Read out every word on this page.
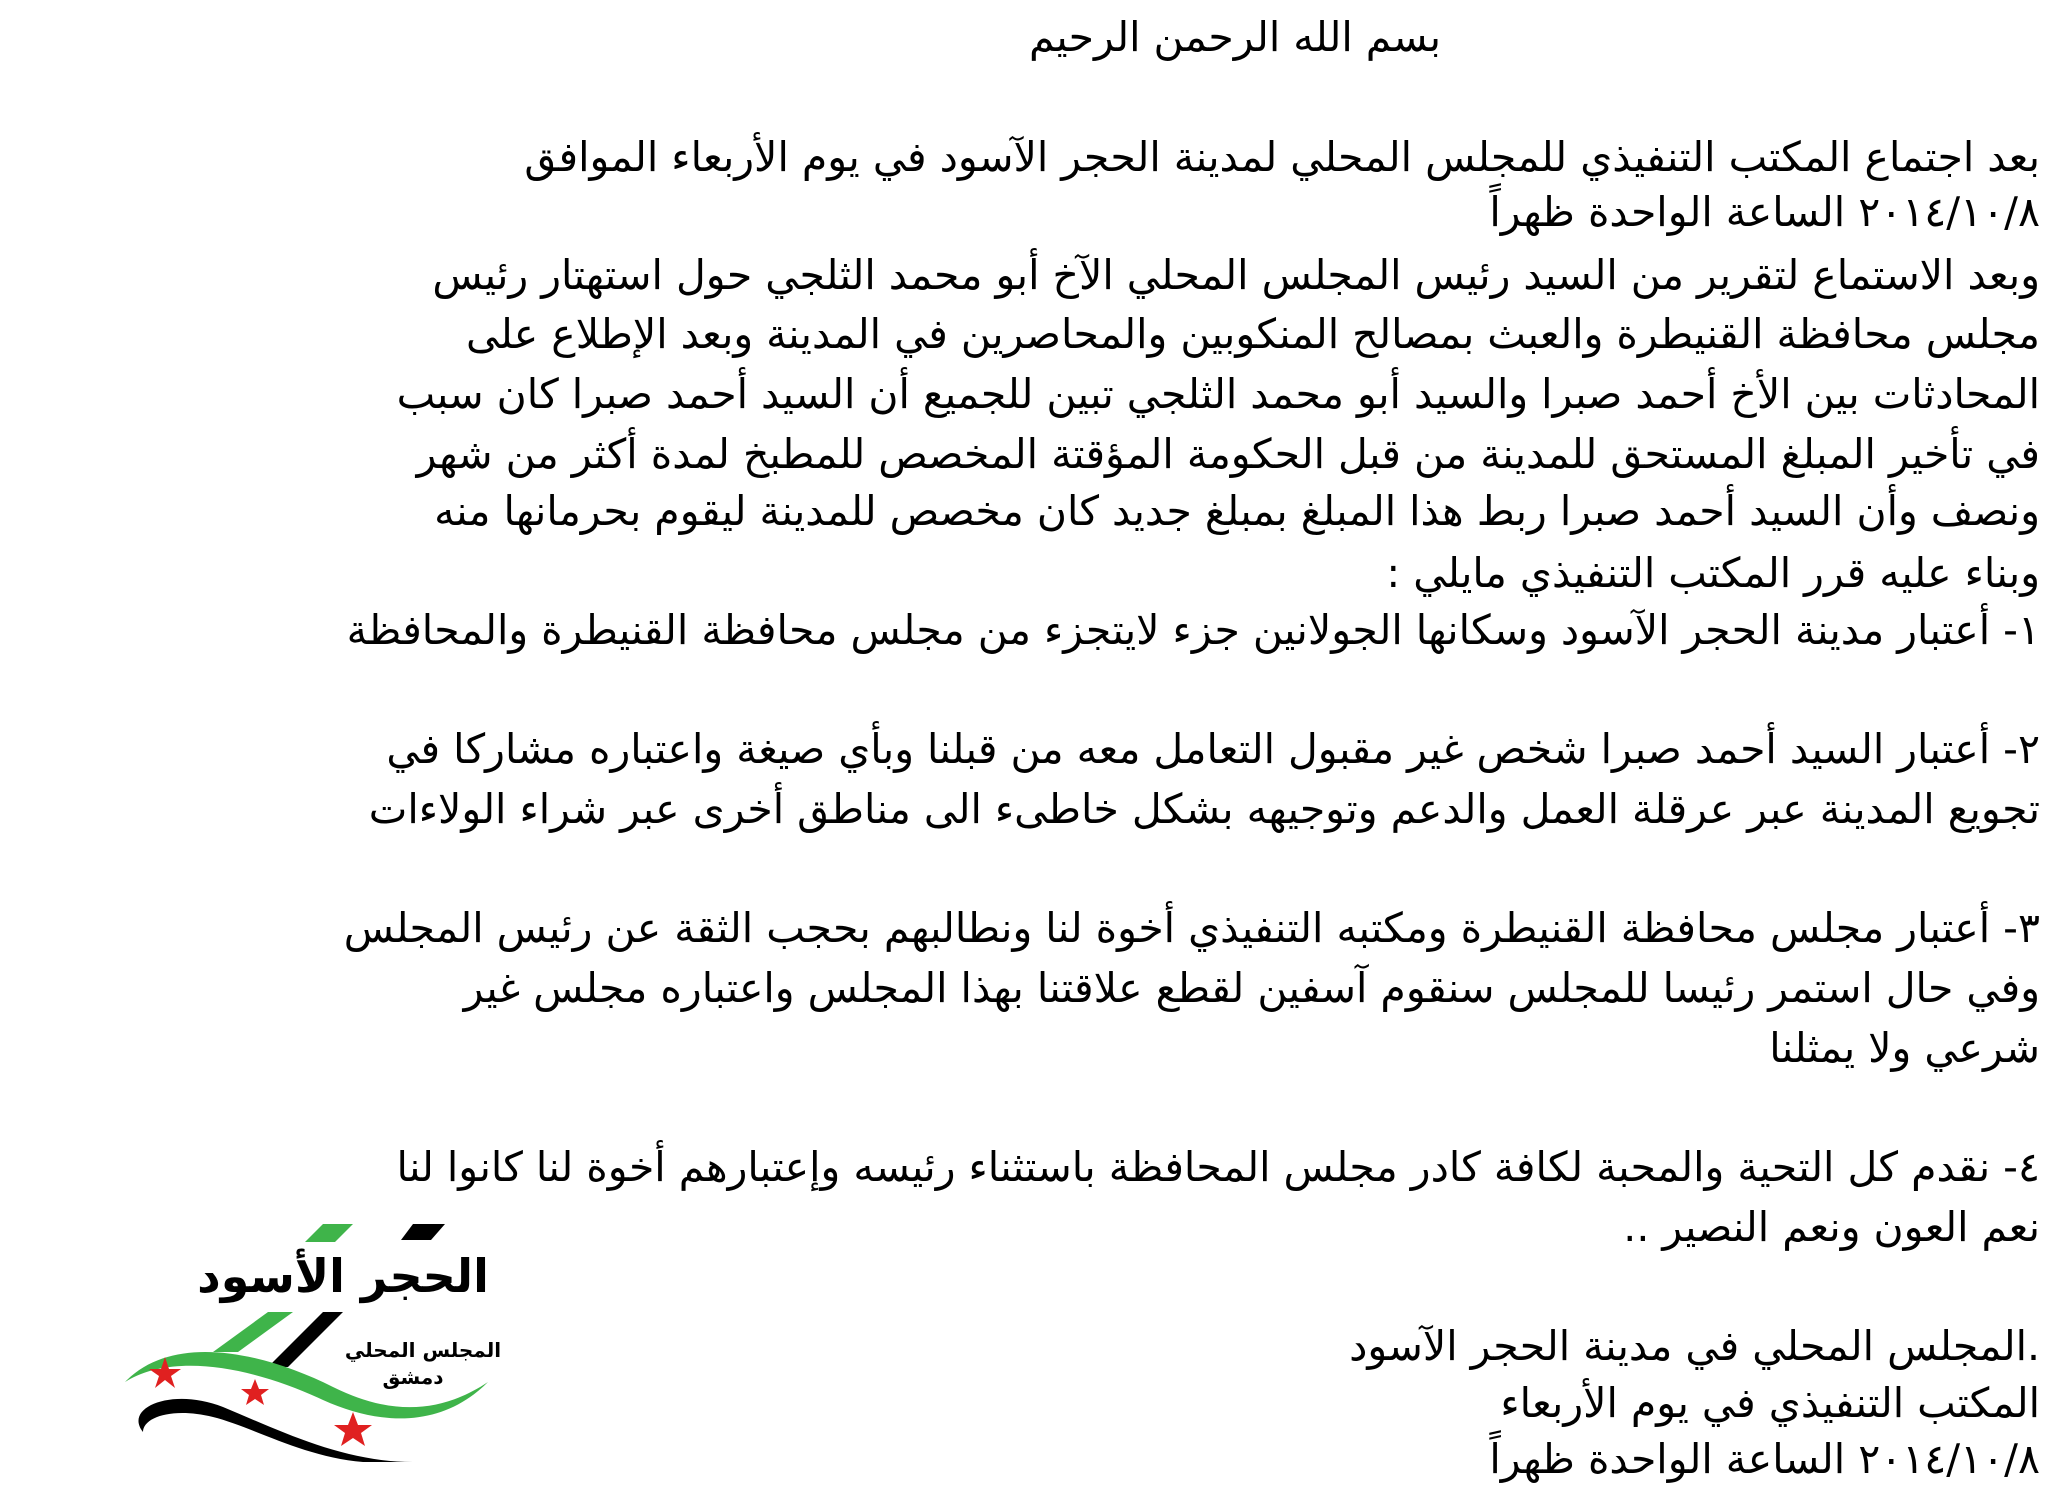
بسم الله الرحمن الرحيم
بعد اجتماع المكتب التنفيذي للمجلس المحلي لمدينة الحجر الآسود في يوم الأربعاء الموافق
٢٠١٤/١٠/٨ الساعة الواحدة ظهراً
وبعد الاستماع لتقرير من السيد رئيس المجلس المحلي الآخ أبو محمد الثلجي حول استهتار رئيس
مجلس محافظة القنيطرة والعبث بمصالح المنكوبين والمحاصرين في المدينة وبعد الإطلاع على
المحادثات بين الأخ أحمد صبرا والسيد أبو محمد الثلجي تبين للجميع أن السيد أحمد صبرا كان سبب
في تأخير المبلغ المستحق للمدينة من قبل الحكومة المؤقتة المخصص للمطبخ لمدة أكثر من شهر
ونصف وأن السيد أحمد صبرا ربط هذا المبلغ بمبلغ جديد كان مخصص للمدينة ليقوم بحرمانها منه
وبناء عليه قرر المكتب التنفيذي مايلي :
١- أعتبار مدينة الحجر الآسود وسكانها الجولانين جزء لايتجزء من مجلس محافظة القنيطرة والمحافظة
٢- أعتبار السيد أحمد صبرا شخص غير مقبول التعامل معه من قبلنا وبأي صيغة واعتباره مشاركا في
تجويع المدينة عبر عرقلة العمل والدعم وتوجيهه بشكل خاطىء الى مناطق أخرى عبر شراء الولاءات
٣- أعتبار مجلس محافظة القنيطرة ومكتبه التنفيذي أخوة لنا ونطالبهم بحجب الثقة عن رئيس المجلس
وفي حال استمر رئيسا للمجلس سنقوم آسفين لقطع علاقتنا بهذا المجلس واعتباره مجلس غير
شرعي ولا يمثلنا
٤- نقدم كل التحية والمحبة لكافة كادر مجلس المحافظة باستثناء رئيسه وإعتبارهم أخوة لنا كانوا لنا
نعم العون ونعم النصير ..
.المجلس المحلي في مدينة الحجر الآسود
المكتب التنفيذي في يوم الأربعاء
٢٠١٤/١٠/٨ الساعة الواحدة ظهراً
الحجر الأسود
المجلس المحلي
دمشق
